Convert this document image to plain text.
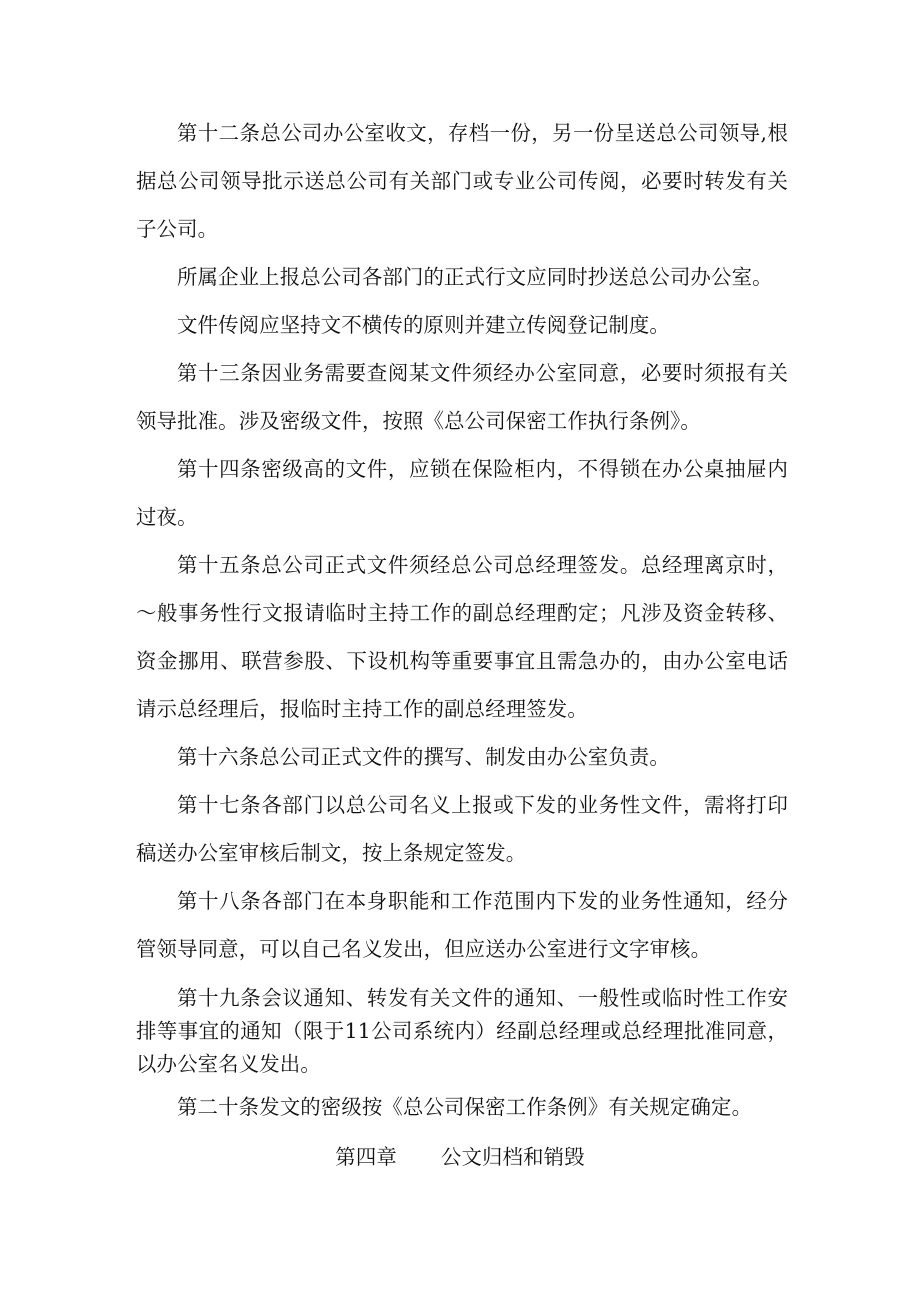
第十二条总公司办公室收文，存档一份，另一份呈送总公司领导,根据总公司领导批示送总公司有关部门或专业公司传阅，必要时转发有关子公司。

所属企业上报总公司各部门的正式行文应同时抄送总公司办公室。

文件传阅应坚持文不横传的原则并建立传阅登记制度。

第十三条因业务需要查阅某文件须经办公室同意，必要时须报有关领导批准。涉及密级文件，按照《总公司保密工作执行条例》。

第十四条密级高的文件，应锁在保险柜内，不得锁在办公桌抽屉内过夜。

第十五条总公司正式文件须经总公司总经理签发。总经理离京时，～般事务性行文报请临时主持工作的副总经理酌定；凡涉及资金转移、资金挪用、联营参股、下设机构等重要事宜且需急办的，由办公室电话请示总经理后，报临时主持工作的副总经理签发。

第十六条总公司正式文件的撰写、制发由办公室负责。

第十七条各部门以总公司名义上报或下发的业务性文件，需将打印稿送办公室审核后制文，按上条规定签发。

第十八条各部门在本身职能和工作范围内下发的业务性通知，经分管领导同意，可以自己名义发出，但应送办公室进行文字审核。

第十九条会议通知、转发有关文件的通知、一般性或临时性工作安排等事宜的通知（限于11公司系统内）经副总经理或总经理批准同意，以办公室名义发出。

第二十条发文的密级按《总公司保密工作条例》有关规定确定。

第四章 公文归档和销毁
